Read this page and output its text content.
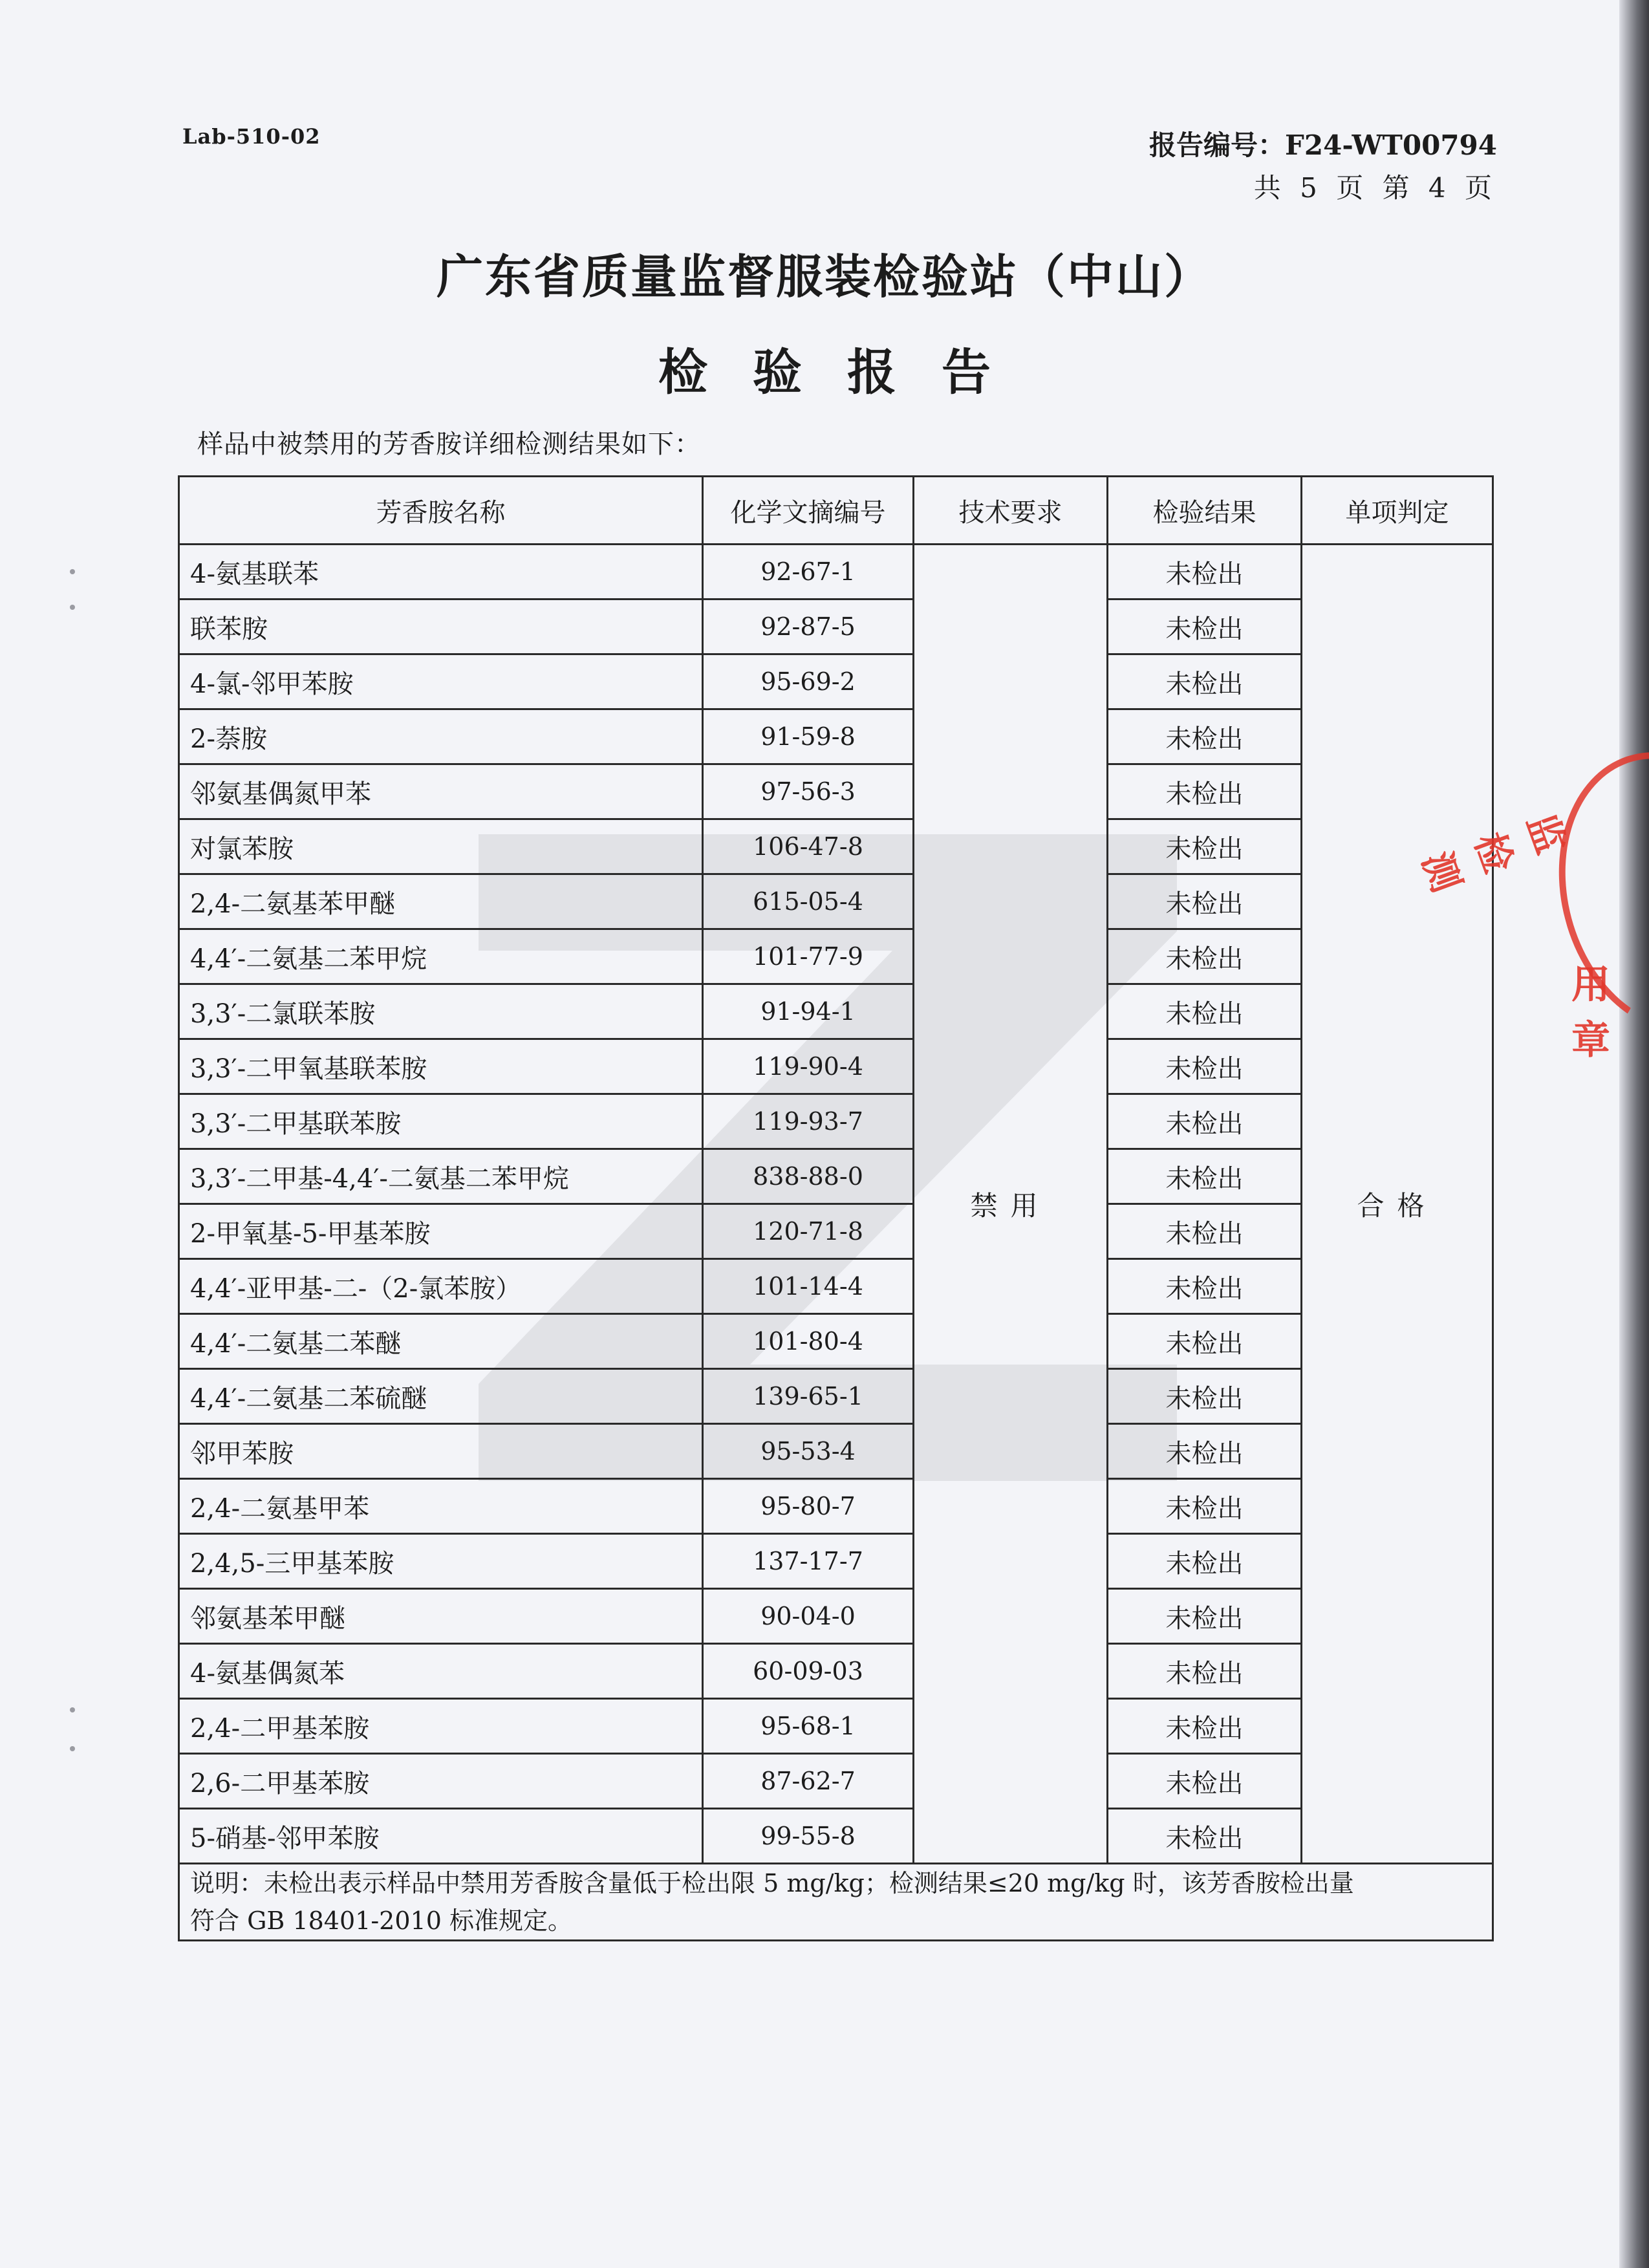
Lab-510-02	报告编号：F24-WT00794
共 5 页 第 4 页
广东省质量监督服装检验站（中山）
检验报告
样品中被禁用的芳香胺详细检测结果如下：
芳香胺名称	化学文摘编号	技术要求	检验结果	单项判定
4-氨基联苯	92-67-1	禁用	未检出	合格
联苯胺	92-87-5		未检出	
4-氯-邻甲苯胺	95-69-2		未检出	
2-萘胺	91-59-8		未检出	
邻氨基偶氮甲苯	97-56-3		未检出	
对氯苯胺	106-47-8		未检出	
2,4-二氨基苯甲醚	615-05-4		未检出	
4,4′-二氨基二苯甲烷	101-77-9		未检出	
3,3′-二氯联苯胺	91-94-1		未检出	
3,3′-二甲氧基联苯胺	119-90-4		未检出	
3,3′-二甲基联苯胺	119-93-7		未检出	
3,3′-二甲基-4,4′-二氨基二苯甲烷	838-88-0		未检出	
2-甲氧基-5-甲基苯胺	120-71-8		未检出	
4,4′-亚甲基-二-（2-氯苯胺）	101-14-4		未检出	
4,4′-二氨基二苯醚	101-80-4		未检出	
4,4′-二氨基二苯硫醚	139-65-1		未检出	
邻甲苯胺	95-53-4		未检出	
2,4-二氨基甲苯	95-80-7		未检出	
2,4,5-三甲基苯胺	137-17-7		未检出	
邻氨基苯甲醚	90-04-0		未检出	
4-氨基偶氮苯	60-09-03		未检出	
2,4-二甲基苯胺	95-68-1		未检出	
2,6-二甲基苯胺	87-62-7		未检出	
5-硝基-邻甲苯胺	99-55-8		未检出	

说明：未检出表示样品中禁用芳香胺含量低于检出限 5 mg/kg；检测结果≤20 mg/kg 时，该芳香胺检出量
符合 GB 18401-2010 标准规定。				
监检测
用章
